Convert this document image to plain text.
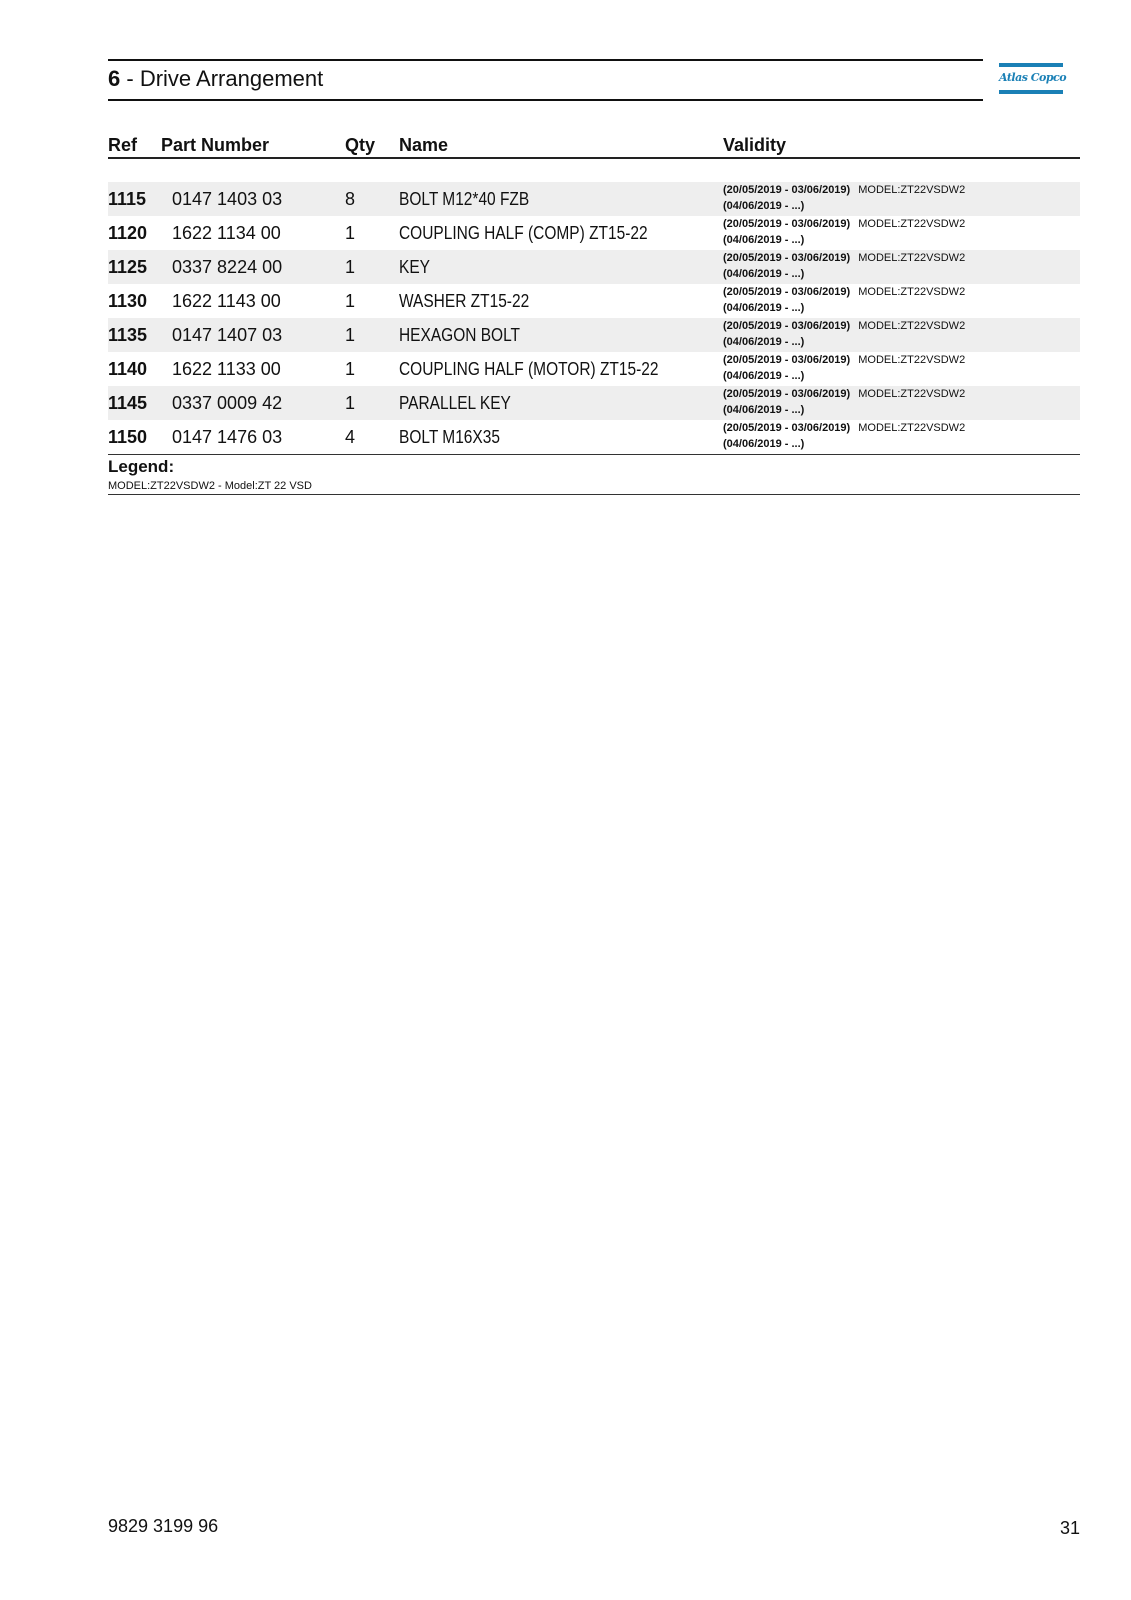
6 - Drive Arrangement	Atlas Copco
Ref Part Number	Qty Name	Validity
1115 0147 1403 03	8 BOLT M12*40 FZB	(20/05/2019 - 03/06/2019) MODEL:ZT22VSDW2
(04/06/2019 - ...)
1120 1622 1134 00	1 COUPLING HALF (COMP) ZT15-22	(20/05/2019 - 03/06/2019) MODEL:ZT22VSDW2
(04/06/2019 - ...)
1125 0337 8224 00	1 KEY	(20/05/2019 - 03/06/2019) MODEL:ZT22VSDW2
(04/06/2019 - ...)
1130 1622 1143 00	1 WASHER ZT15-22	(20/05/2019 - 03/06/2019) MODEL:ZT22VSDW2
(04/06/2019 - ...)
1135 0147 1407 03	1 HEXAGON BOLT	(20/05/2019 - 03/06/2019) MODEL:ZT22VSDW2
(04/06/2019 - ...)
1140 1622 1133 00	1 COUPLING HALF (MOTOR) ZT15-22	(20/05/2019 - 03/06/2019) MODEL:ZT22VSDW2
(04/06/2019 - ...)
1145 0337 0009 42	1 PARALLEL KEY	(20/05/2019 - 03/06/2019) MODEL:ZT22VSDW2
(04/06/2019 - ...)
1150 0147 1476 03	4 BOLT M16X35	(20/05/2019 - 03/06/2019) MODEL:ZT22VSDW2
(04/06/2019 - ...)
Legend:
MODEL:ZT22VSDW2 - Model:ZT 22 VSD
9829 3199 96	31
